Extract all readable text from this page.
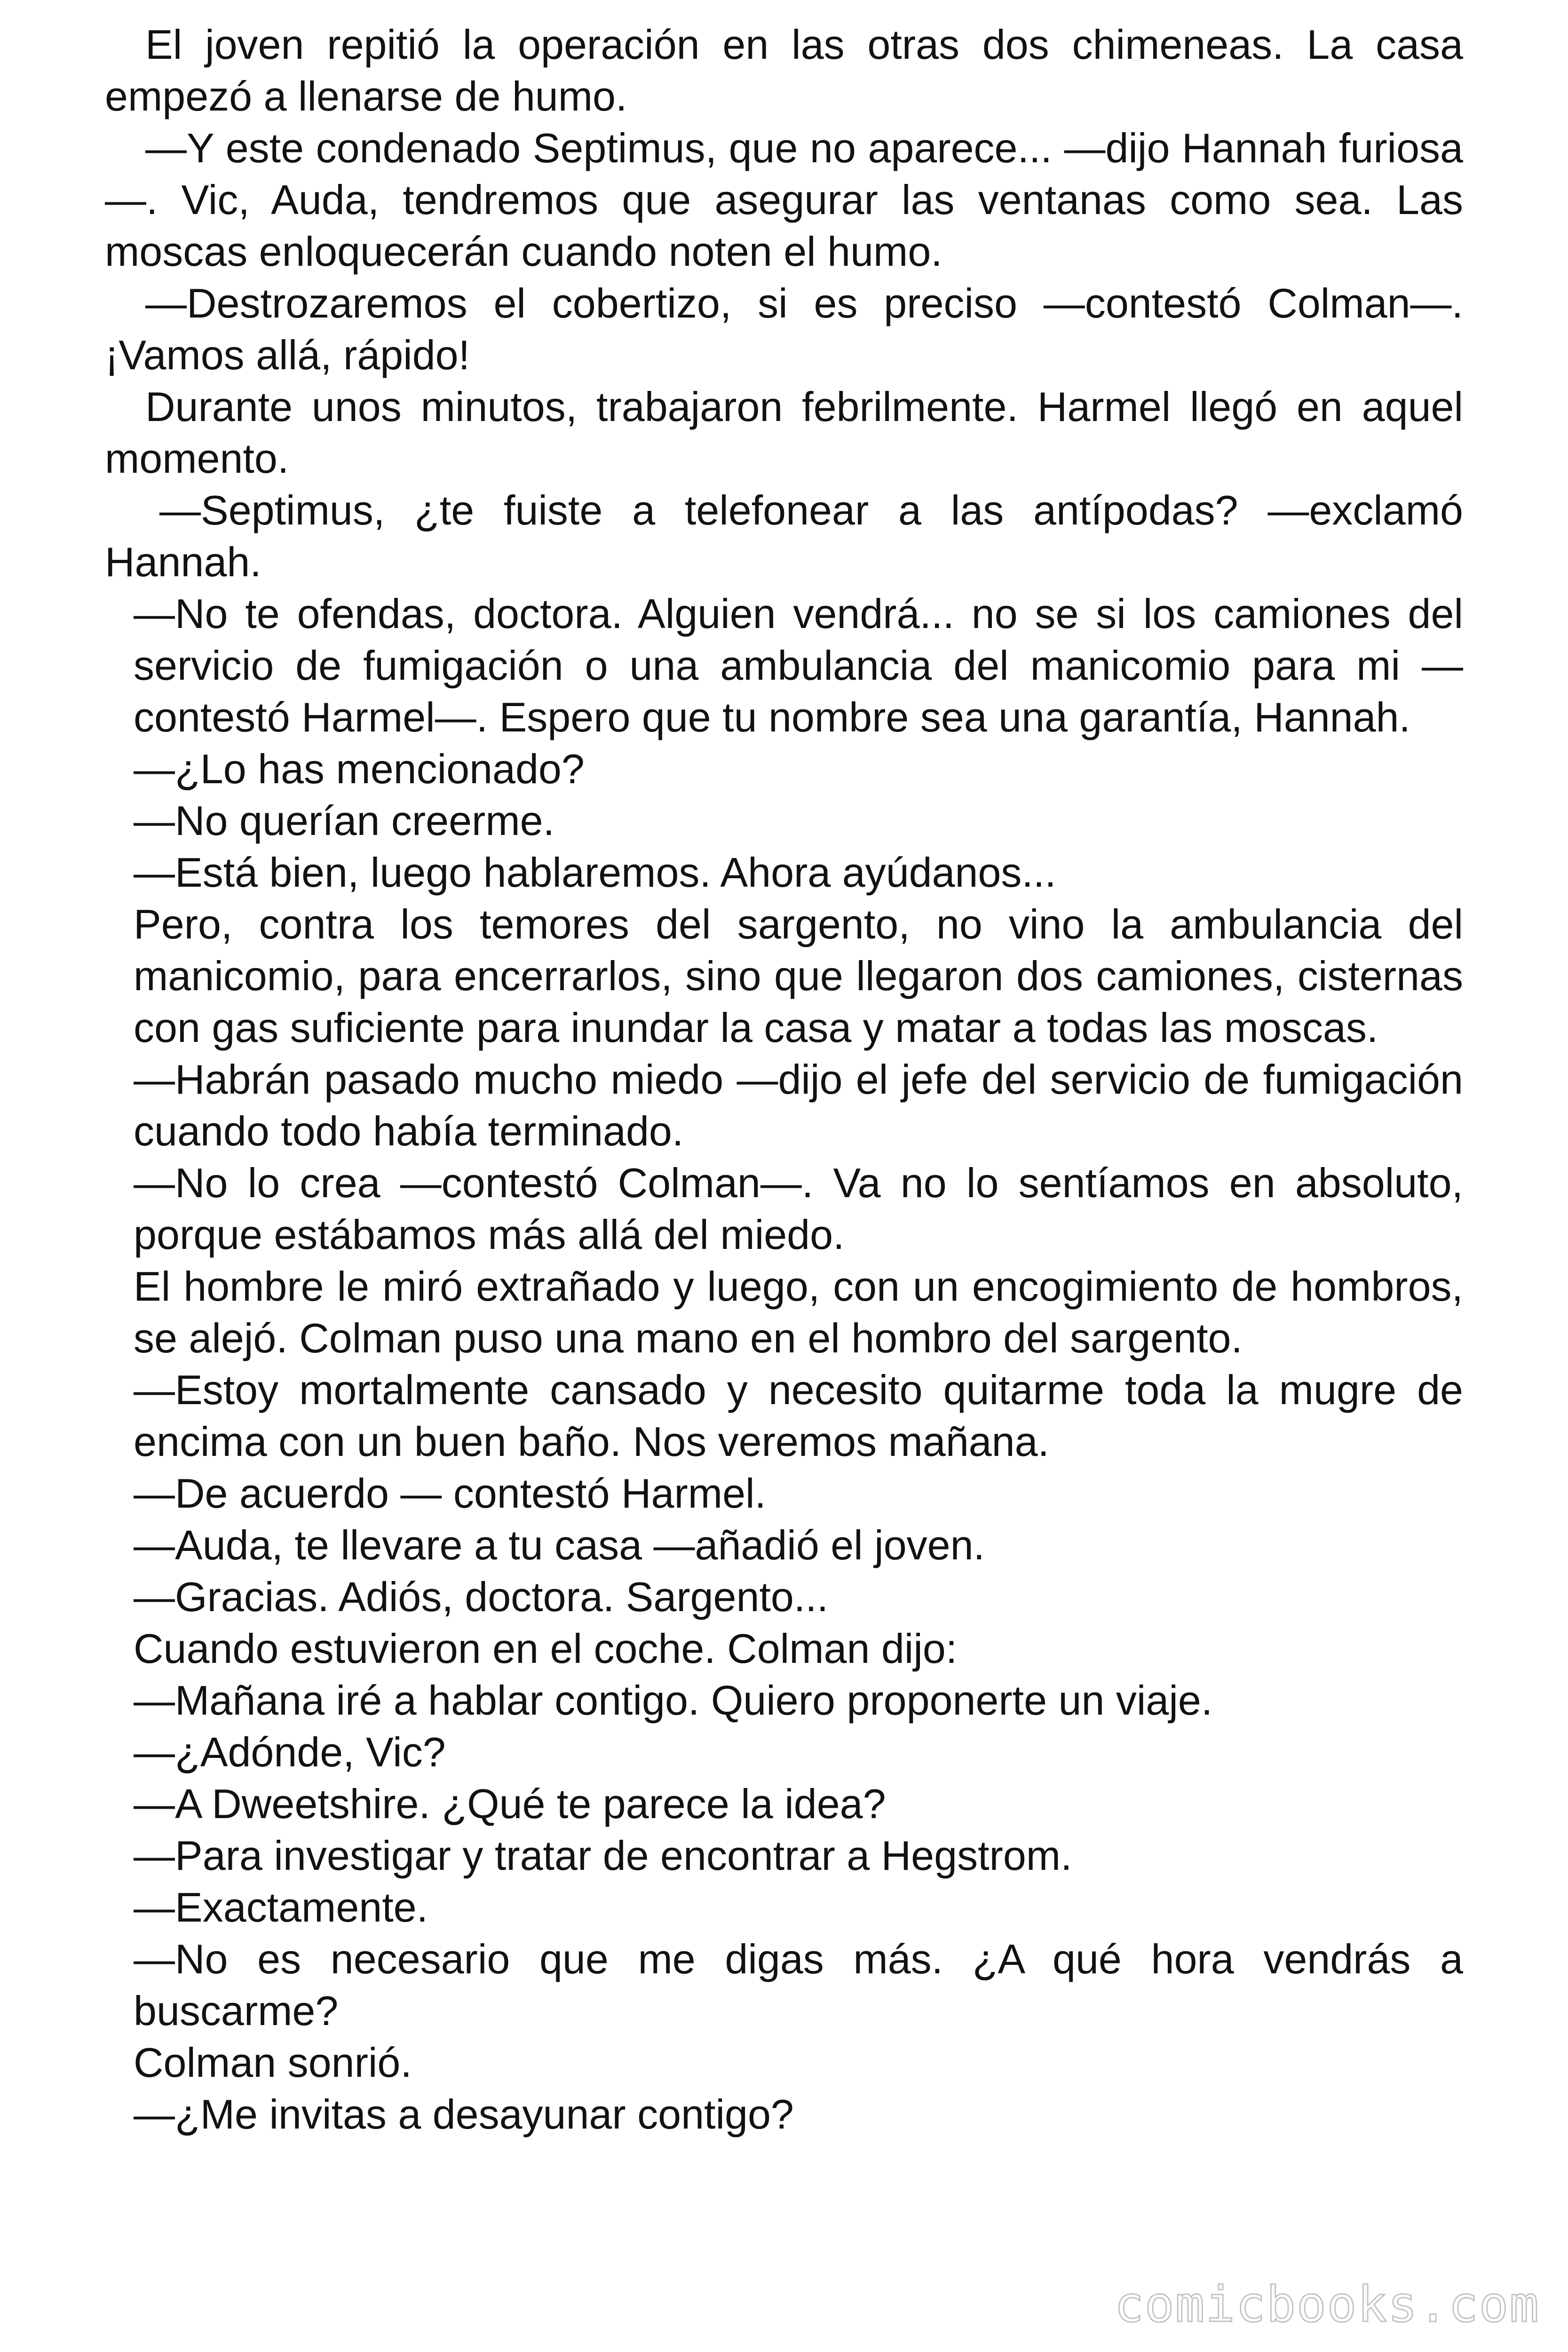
El joven repitió la operación en las otras dos chimeneas. La casa empezó a llenarse de humo.

—Y este condenado Septimus, que no aparece... —dijo Hannah furiosa—. Vic, Auda, tendremos que asegurar las ventanas como sea. Las moscas enloquecerán cuando noten el humo.

—Destrozaremos el cobertizo, si es preciso —contestó Colman—. ¡Vamos allá, rápido!

Durante unos minutos, trabajaron febrilmente. Harmel llegó en aquel momento.

—Septimus, ¿te fuiste a telefonear a las antípodas? —exclamó Hannah.

—No te ofendas, doctora. Alguien vendrá... no se si los camiones del servicio de fumigación o una ambulancia del manicomio para mi — contestó Harmel—. Espero que tu nombre sea una garantía, Hannah.

—¿Lo has mencionado?

—No querían creerme.

—Está bien, luego hablaremos. Ahora ayúdanos...

Pero, contra los temores del sargento, no vino la ambulancia del manicomio, para encerrarlos, sino que llegaron dos camiones, cisternas con gas suficiente para inundar la casa y matar a todas las moscas.

—Habrán pasado mucho miedo —dijo el jefe del servicio de fumigación cuando todo había terminado.

—No lo crea —contestó Colman—. Va no lo sentíamos en absoluto, porque estábamos más allá del miedo.

El hombre le miró extrañado y luego, con un encogimiento de hombros, se alejó. Colman puso una mano en el hombro del sargento.

—Estoy mortalmente cansado y necesito quitarme toda la mugre de encima con un buen baño. Nos veremos mañana.

—De acuerdo — contestó Harmel.

—Auda, te llevare a tu casa —añadió el joven.

—Gracias. Adiós, doctora. Sargento...

Cuando estuvieron en el coche. Colman dijo:

—Mañana iré a hablar contigo. Quiero proponerte un viaje.

—¿Adónde, Vic?

—A Dweetshire. ¿Qué te parece la idea?

—Para investigar y tratar de encontrar a Hegstrom.

—Exactamente.

—No es necesario que me digas más. ¿A qué hora vendrás a buscarme?

Colman sonrió.

—¿Me invitas a desayunar contigo?

comicbooks.com
